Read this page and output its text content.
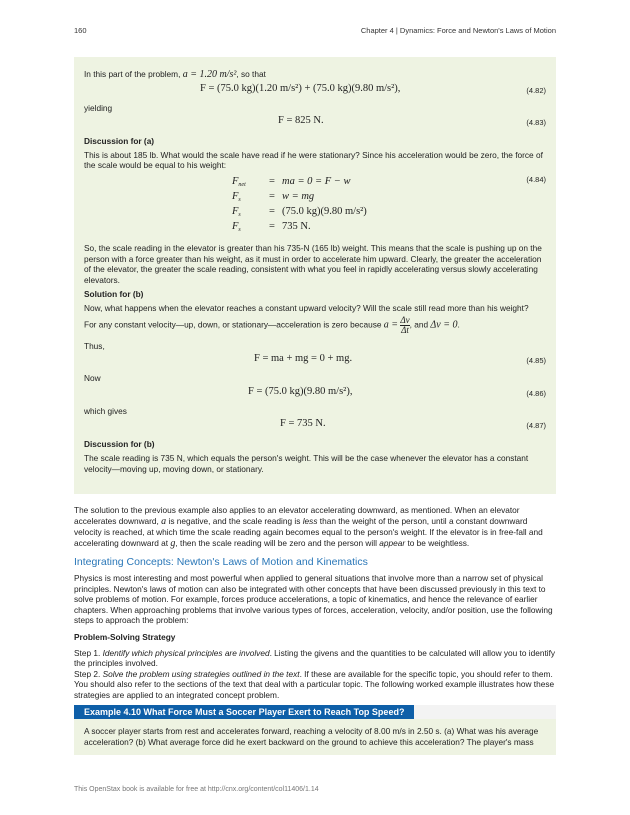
160	Chapter 4 | Dynamics: Force and Newton's Laws of Motion

In this part of the problem, a = 1.20 m/s², so that

F = (75.0 kg)(1.20 m/s²) + (75.0 kg)(9.80 m/s²),	(4.82)

yielding

F = 825 N.	(4.83)

Discussion for (a)

This is about 185 lb. What would the scale have read if he were stationary? Since his acceleration would be zero, the force of the scale would be equal to his weight:

(4.84)
$F_{net}$ = ma = 0 = F − w
$F_s$	= w = mg
$F_s$	= (75.0 kg)(9.80 m/s²)
$F_s$	= 735 N.

So, the scale reading in the elevator is greater than his 735-N (165 lb) weight. This means that the scale is pushing up on the person with a force greater than his weight, as it must in order to accelerate him upward. Clearly, the greater the acceleration of the elevator, the greater the scale reading, consistent with what you feel in rapidly accelerating versus slowly accelerating elevators.

Solution for (b)

Now, what happens when the elevator reaches a constant upward velocity? Will the scale still read more than his weight?

For any constant velocity—up, down, or stationary—acceleration is zero because $a = \frac{\Delta v}{\Delta t}$, and Δv = 0.

Thus,

F = ma + mg = 0 + mg.	(4.85)

Now

F = (75.0 kg)(9.80 m/s²),	(4.86)

which gives

F = 735 N.	(4.87)

Discussion for (b)

The scale reading is 735 N, which equals the person's weight. This will be the case whenever the elevator has a constant velocity—moving up, moving down, or stationary.

The solution to the previous example also applies to an elevator accelerating downward, as mentioned. When an elevator accelerates downward, a is negative, and the scale reading is less than the weight of the person, until a constant downward velocity is reached, at which time the scale reading again becomes equal to the person's weight. If the elevator is in free-fall and accelerating downward at g, then the scale reading will be zero and the person will appear to be weightless.

Integrating Concepts: Newton's Laws of Motion and Kinematics

Physics is most interesting and most powerful when applied to general situations that involve more than a narrow set of physical principles. Newton's laws of motion can also be integrated with other concepts that have been discussed previously in this text to solve problems of motion. For example, forces produce accelerations, a topic of kinematics, and hence the relevance of earlier chapters. When approaching problems that involve various types of forces, acceleration, velocity, and/or position, use the following steps to approach the problem:

Problem-Solving Strategy

Step 1. Identify which physical principles are involved. Listing the givens and the quantities to be calculated will allow you to identify the principles involved.

Step 2. Solve the problem using strategies outlined in the text. If these are available for the specific topic, you should refer to them. You should also refer to the sections of the text that deal with a particular topic. The following worked example illustrates how these strategies are applied to an integrated concept problem.

Example 4.10 What Force Must a Soccer Player Exert to Reach Top Speed?

A soccer player starts from rest and accelerates forward, reaching a velocity of 8.00 m/s in 2.50 s. (a) What was his average acceleration? (b) What average force did he exert backward on the ground to achieve this acceleration? The player's mass

This OpenStax book is available for free at http://cnx.org/content/col11406/1.14
